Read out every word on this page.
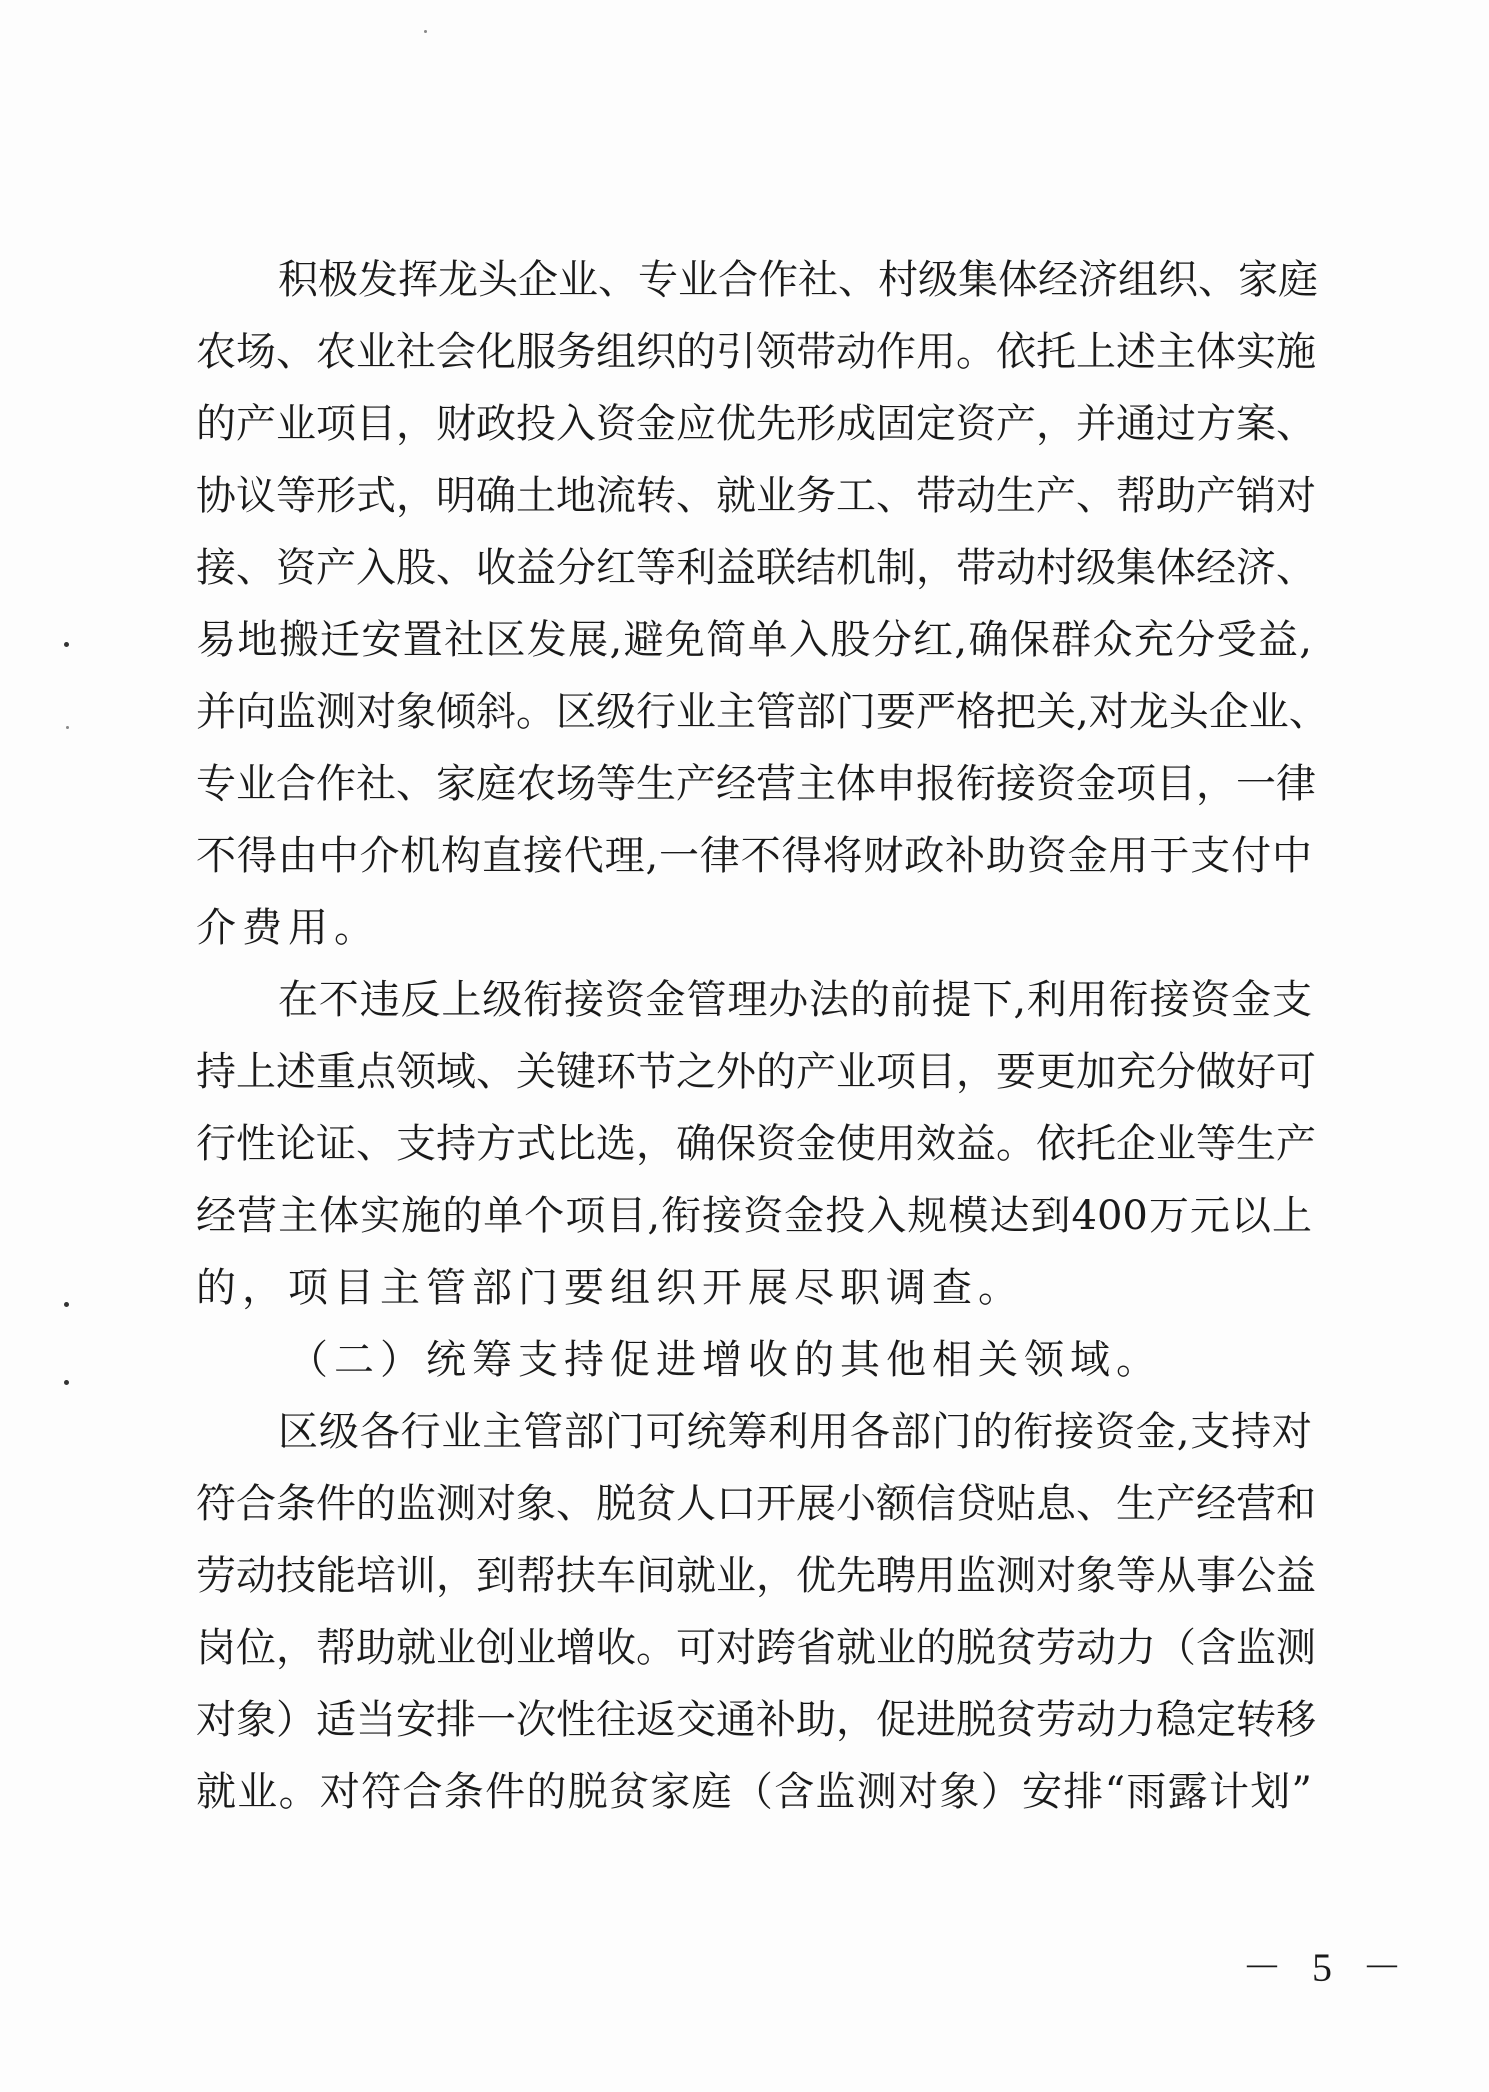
积极发挥龙头企业、专业合作社、村级集体经济组织、家庭
农场、农业社会化服务组织的引领带动作用。依托上述主体实施
的产业项目，财政投入资金应优先形成固定资产，并通过方案、
协议等形式，明确土地流转、就业务工、带动生产、帮助产销对
接、资产入股、收益分红等利益联结机制，带动村级集体经济、
易地搬迁安置社区发展,避免简单入股分红,确保群众充分受益,
并向监测对象倾斜。区级行业主管部门要严格把关,对龙头企业、
专业合作社、家庭农场等生产经营主体申报衔接资金项目，一律
不得由中介机构直接代理,一律不得将财政补助资金用于支付中
介费用。
在不违反上级衔接资金管理办法的前提下,利用衔接资金支
持上述重点领域、关键环节之外的产业项目，要更加充分做好可
行性论证、支持方式比选，确保资金使用效益。依托企业等生产
经营主体实施的单个项目,衔接资金投入规模达到400万元以上
的，项目主管部门要组织开展尽职调查。
（二）统筹支持促进增收的其他相关领域。
区级各行业主管部门可统筹利用各部门的衔接资金,支持对
符合条件的监测对象、脱贫人口开展小额信贷贴息、生产经营和
劳动技能培训，到帮扶车间就业，优先聘用监测对象等从事公益
岗位，帮助就业创业增收。可对跨省就业的脱贫劳动力（含监测
对象）适当安排一次性往返交通补助，促进脱贫劳动力稳定转移
就业。对符合条件的脱贫家庭（含监测对象）安排“雨露计划”
－ 5 －
